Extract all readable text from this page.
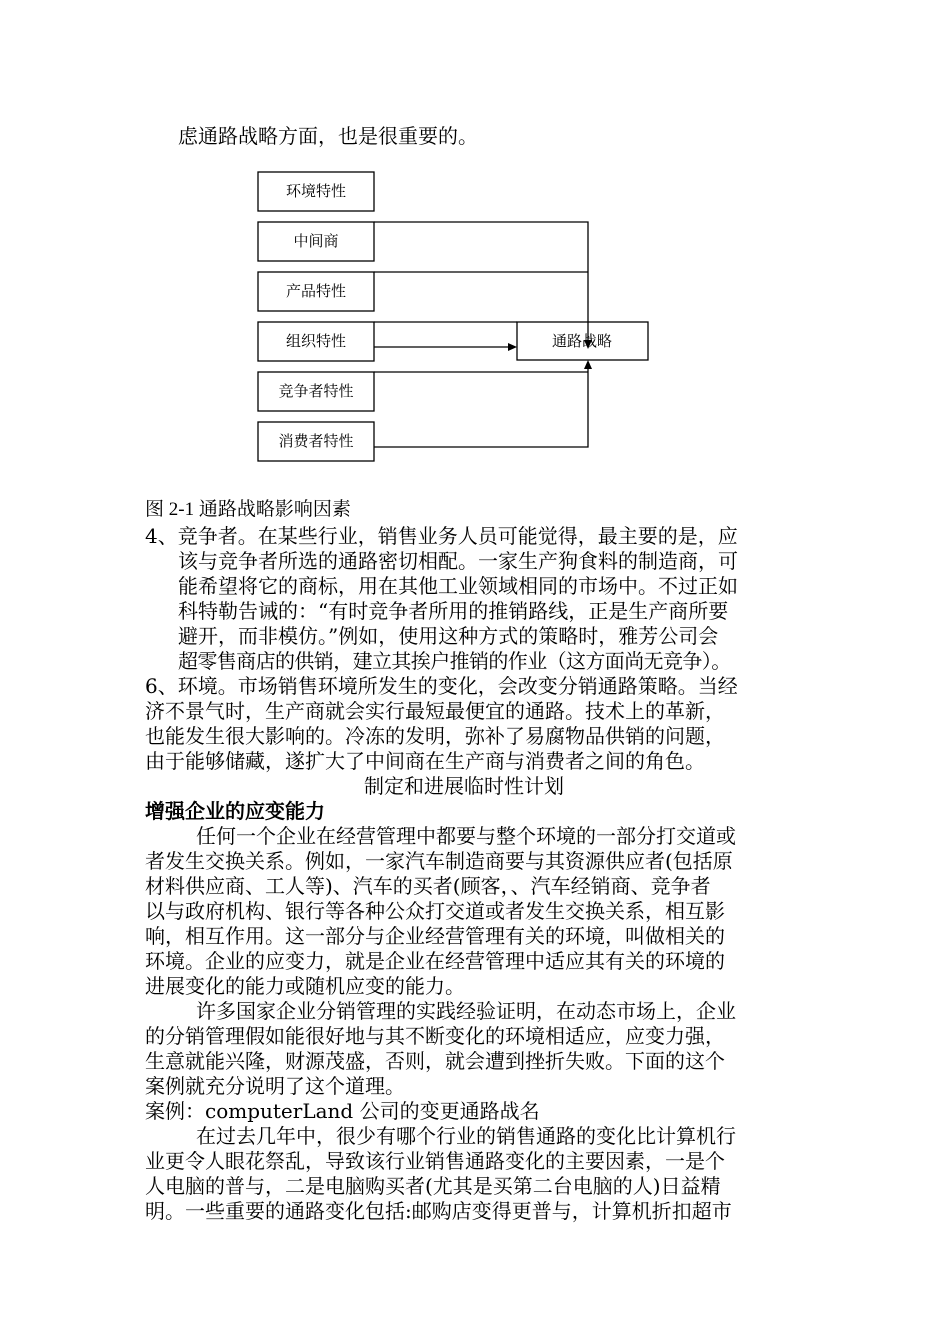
虑通路战略方面，也是很重要的。
环境特性
中间商
产品特性
组织特性
竞争者特性
消费者特性
通路战略
图 2-1 通路战略影响因素
4、竞争者。在某些行业，销售业务人员可能觉得，最主要的是，应
该与竞争者所选的通路密切相配。一家生产狗食料的制造商，可
能希望将它的商标，用在其他工业领域相同的市场中。不过正如
科特勒告诫的：“有时竞争者所用的推销路线，正是生产商所要
避开，而非模仿。”例如，使用这种方式的策略时，雅芳公司会
超零售商店的供销，建立其挨户推销的作业（这方面尚无竞争）。
6、环境。市场销售环境所发生的变化，会改变分销通路策略。当经
济不景气时，生产商就会实行最短最便宜的通路。技术上的革新，
也能发生很大影响的。冷冻的发明，弥补了易腐物品供销的问题，
由于能够储藏，遂扩大了中间商在生产商与消费者之间的角色。
制定和进展临时性计划
增强企业的应变能力
任何一个企业在经营管理中都要与整个环境的一部分打交道或
者发生交换关系。例如，一家汽车制造商要与其资源供应者(包括原
材料供应商、工人等)、汽车的买者(顾客，、汽车经销商、竞争者
以与政府机构、银行等各种公众打交道或者发生交换关系，相互影
响，相互作用。这一部分与企业经营管理有关的环境，叫做相关的
环境。企业的应变力，就是企业在经营管理中适应其有关的环境的
进展变化的能力或随机应变的能力。
许多国家企业分销管理的实践经验证明，在动态市场上，企业
的分销管理假如能很好地与其不断变化的环境相适应，应变力强，
生意就能兴隆，财源茂盛，否则，就会遭到挫折失败。下面的这个
案例就充分说明了这个道理。
案例：computerLand 公司的变更通路战名
在过去几年中，很少有哪个行业的销售通路的变化比计算机行
业更令人眼花祭乱，导致该行业销售通路变化的主要因素，一是个
人电脑的普与，二是电脑购买者(尤其是买第二台电脑的人)日益精
明。一些重要的通路变化包括:邮购店变得更普与，计算机折扣超市
